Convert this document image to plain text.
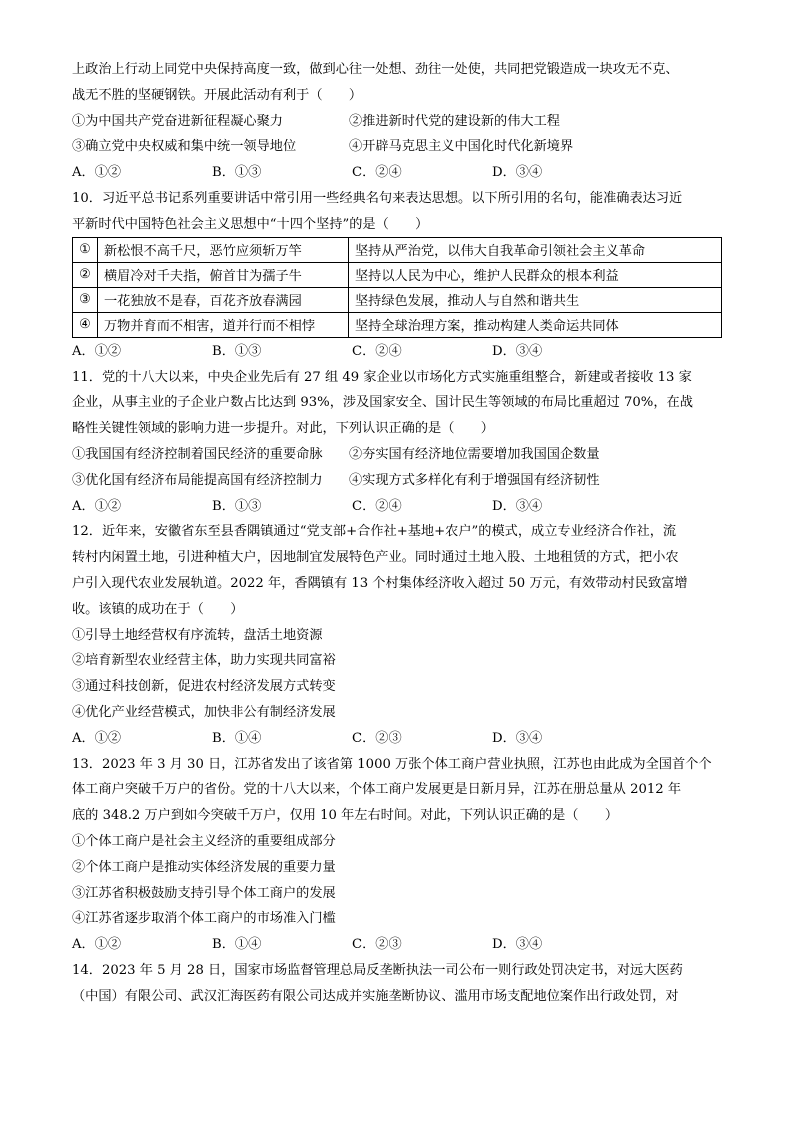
上政治上行动上同党中央保持高度一致，做到心往一处想、劲往一处使，共同把党锻造成一块攻无不克、
战无不胜的坚硬钢铁。开展此活动有利于（　　）
①为中国共产党奋进新征程凝心聚力	②推进新时代党的建设新的伟大工程
③确立党中央权威和集中统一领导地位	④开辟马克思主义中国化时代化新境界
A．①②	B．①③	C．②④	D．③④
10．习近平总书记系列重要讲话中常引用一些经典名句来表达思想。以下所引用的名句，能准确表达习近
平新时代中国特色社会主义思想中“十四个坚持”的是（　　）
①	新松恨不高千尺，恶竹应须斩万竿	坚持从严治党，以伟大自我革命引领社会主义革命
②	横眉冷对千夫指，俯首甘为孺子牛	坚持以人民为中心，维护人民群众的根本利益
③	一花独放不是春，百花齐放春满园	坚持绿色发展，推动人与自然和谐共生
④	万物并育而不相害，道并行而不相悖	坚持全球治理方案，推动构建人类命运共同体
A．①②	B．①③	C．②④	D．③④
11．党的十八大以来，中央企业先后有 27 组 49 家企业以市场化方式实施重组整合，新建或者接收 13 家
企业，从事主业的子企业户数占比达到 93%，涉及国家安全、国计民生等领域的布局比重超过 70%，在战
略性关键性领域的影响力进一步提升。对此，下列认识正确的是（　　）
①我国国有经济控制着国民经济的重要命脉	②夯实国有经济地位需要增加我国国企数量
③优化国有经济布局能提高国有经济控制力	④实现方式多样化有利于增强国有经济韧性
A．①②	B．①③	C．②④	D．③④
12．近年来，安徽省东至县香隅镇通过“党支部+合作社+基地+农户”的模式，成立专业经济合作社，流
转村内闲置土地，引进种植大户，因地制宜发展特色产业。同时通过土地入股、土地租赁的方式，把小农
户引入现代农业发展轨道。2022 年，香隅镇有 13 个村集体经济收入超过 50 万元，有效带动村民致富增
收。该镇的成功在于（　　）
①引导土地经营权有序流转，盘活土地资源
②培育新型农业经营主体，助力实现共同富裕
③通过科技创新，促进农村经济发展方式转变
④优化产业经营模式，加快非公有制经济发展
A．①②	B．①④	C．②③	D．③④
13．2023 年 3 月 30 日，江苏省发出了该省第 1000 万张个体工商户营业执照，江苏也由此成为全国首个个
体工商户突破千万户的省份。党的十八大以来，个体工商户发展更是日新月异，江苏在册总量从 2012 年
底的 348.2 万户到如今突破千万户，仅用 10 年左右时间。对此，下列认识正确的是（　　）
①个体工商户是社会主义经济的重要组成部分
②个体工商户是推动实体经济发展的重要力量
③江苏省积极鼓励支持引导个体工商户的发展
④江苏省逐步取消个体工商户的市场准入门槛
A．①②	B．①④	C．②③	D．③④
14．2023 年 5 月 28 日，国家市场监督管理总局反垄断执法一司公布一则行政处罚决定书，对远大医药
（中国）有限公司、武汉汇海医药有限公司达成并实施垄断协议、滥用市场支配地位案作出行政处罚，对
